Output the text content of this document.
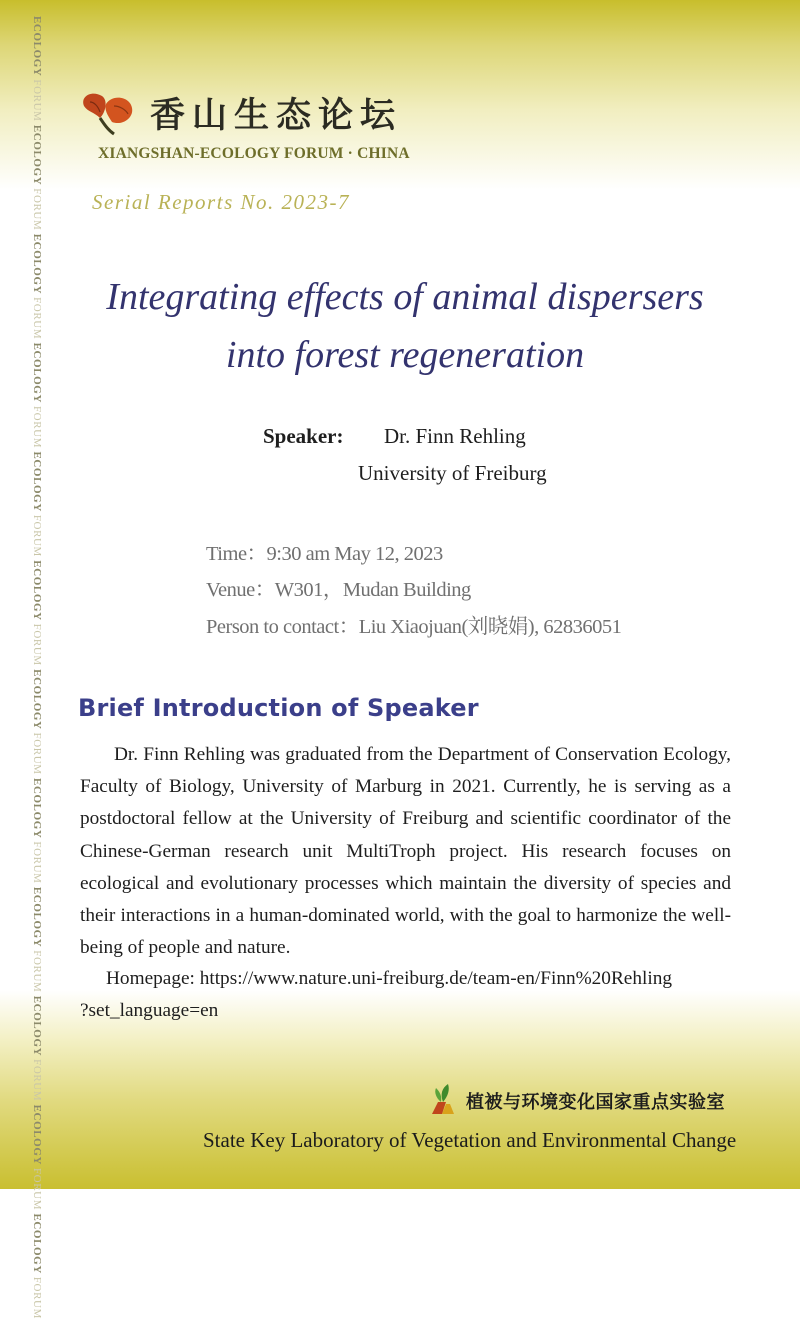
ECOLOGY FORUM ECOLOGY FORUM ECOLOGY FORUM ECOLOGY FORUM ECOLOGY FORUM ECOLOGY FORUM ECOLOGY FORUM ECOLOGY FORUM ECOLOGY FORUM ECOLOGY FORUM ECOLOGY FORUM ECOLOGY FORUM
香山生态论坛
XIANGSHAN-ECOLOGY FORUM · CHINA
Serial Reports No. 2023-7
Integrating effects of animal dispersers
into forest regeneration
Speaker: Dr. Finn Rehling
University of Freiburg
Time：9:30 am May 12, 2023
Venue：W301，Mudan Building
Person to contact：Liu Xiaojuan(刘晓娟), 62836051
Brief Introduction of Speaker
Dr. Finn Rehling was graduated from the Department of Conservation Ecology, Faculty of Biology, University of Marburg in 2021. Currently, he is serving as a postdoctoral fellow at the University of Freiburg and scientific coordinator of the Chinese-German research unit MultiTroph project. His research focuses on ecological and evolutionary processes which maintain the diversity of species and their interactions in a human-dominated world, with the goal to harmonize the well-being of people and nature.
Homepage: https://www.nature.uni-freiburg.de/team-en/Finn%20Rehling
?set_language=en
植被与环境变化国家重点实验室
State Key Laboratory of Vegetation and Environmental Change
